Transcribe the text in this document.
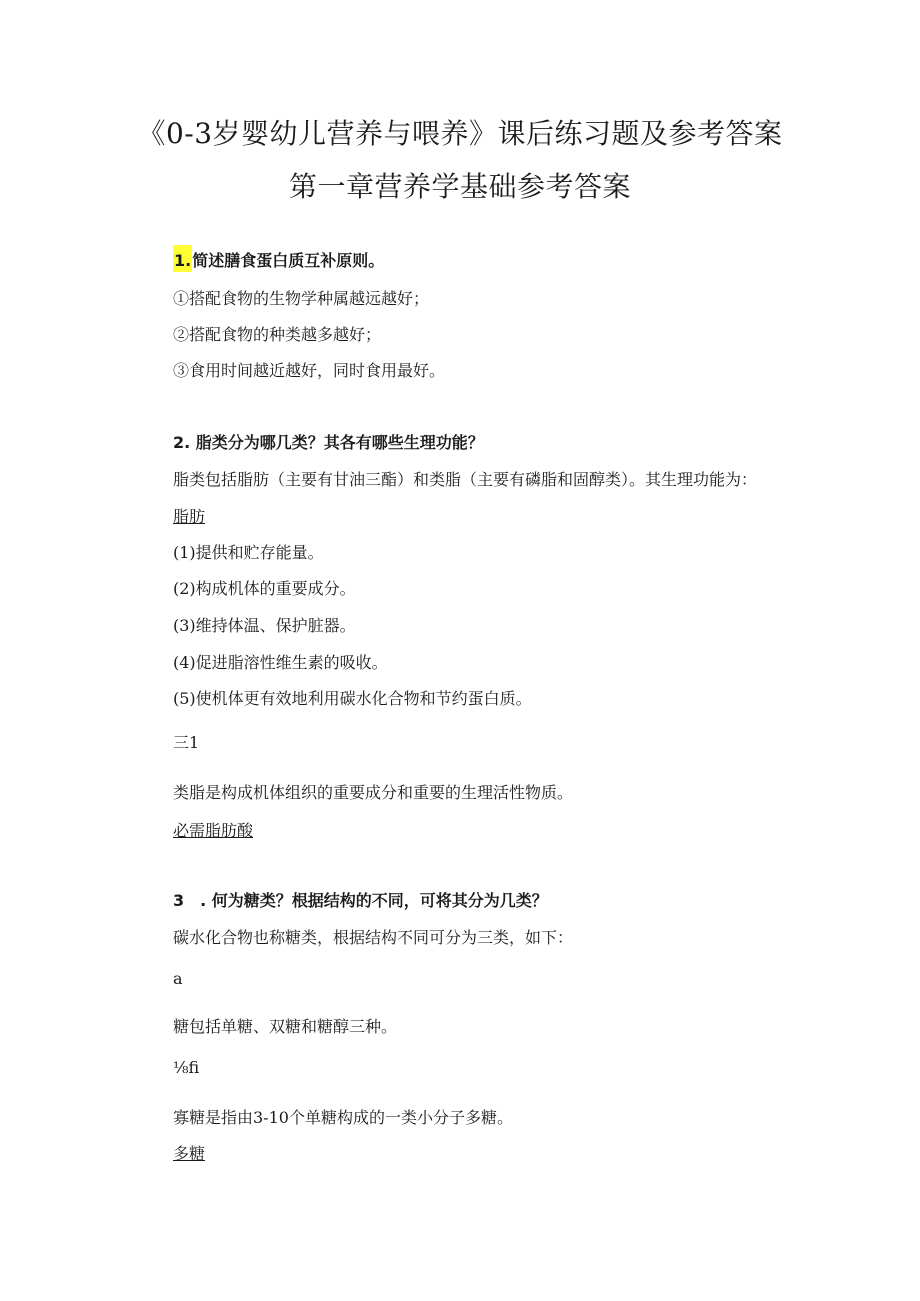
《0-3岁婴幼儿营养与喂养》课后练习题及参考答案
第一章营养学基础参考答案
1.简述膳食蛋白质互补原则。
①搭配食物的生物学种属越远越好；
②搭配食物的种类越多越好；
③食用时间越近越好，同时食用最好。
2. 脂类分为哪几类？其各有哪些生理功能？
脂类包括脂肪（主要有甘油三酯）和类脂（主要有磷脂和固醇类）。其生理功能为：
脂肪
(1)提供和贮存能量。
(2)构成机体的重要成分。
(3)维持体温、保护脏器。
(4)促进脂溶性维生素的吸收。
(5)使机体更有效地利用碳水化合物和节约蛋白质。
三1
类脂是构成机体组织的重要成分和重要的生理活性物质。
必需脂肪酸
3　. 何为糖类？根据结构的不同，可将其分为几类？
碳水化合物也称糖类，根据结构不同可分为三类，如下：
a
糖包括单糖、双糖和糖醇三种。
⅛fi
寡糖是指由3-10个单糖构成的一类小分子多糖。
多糖
